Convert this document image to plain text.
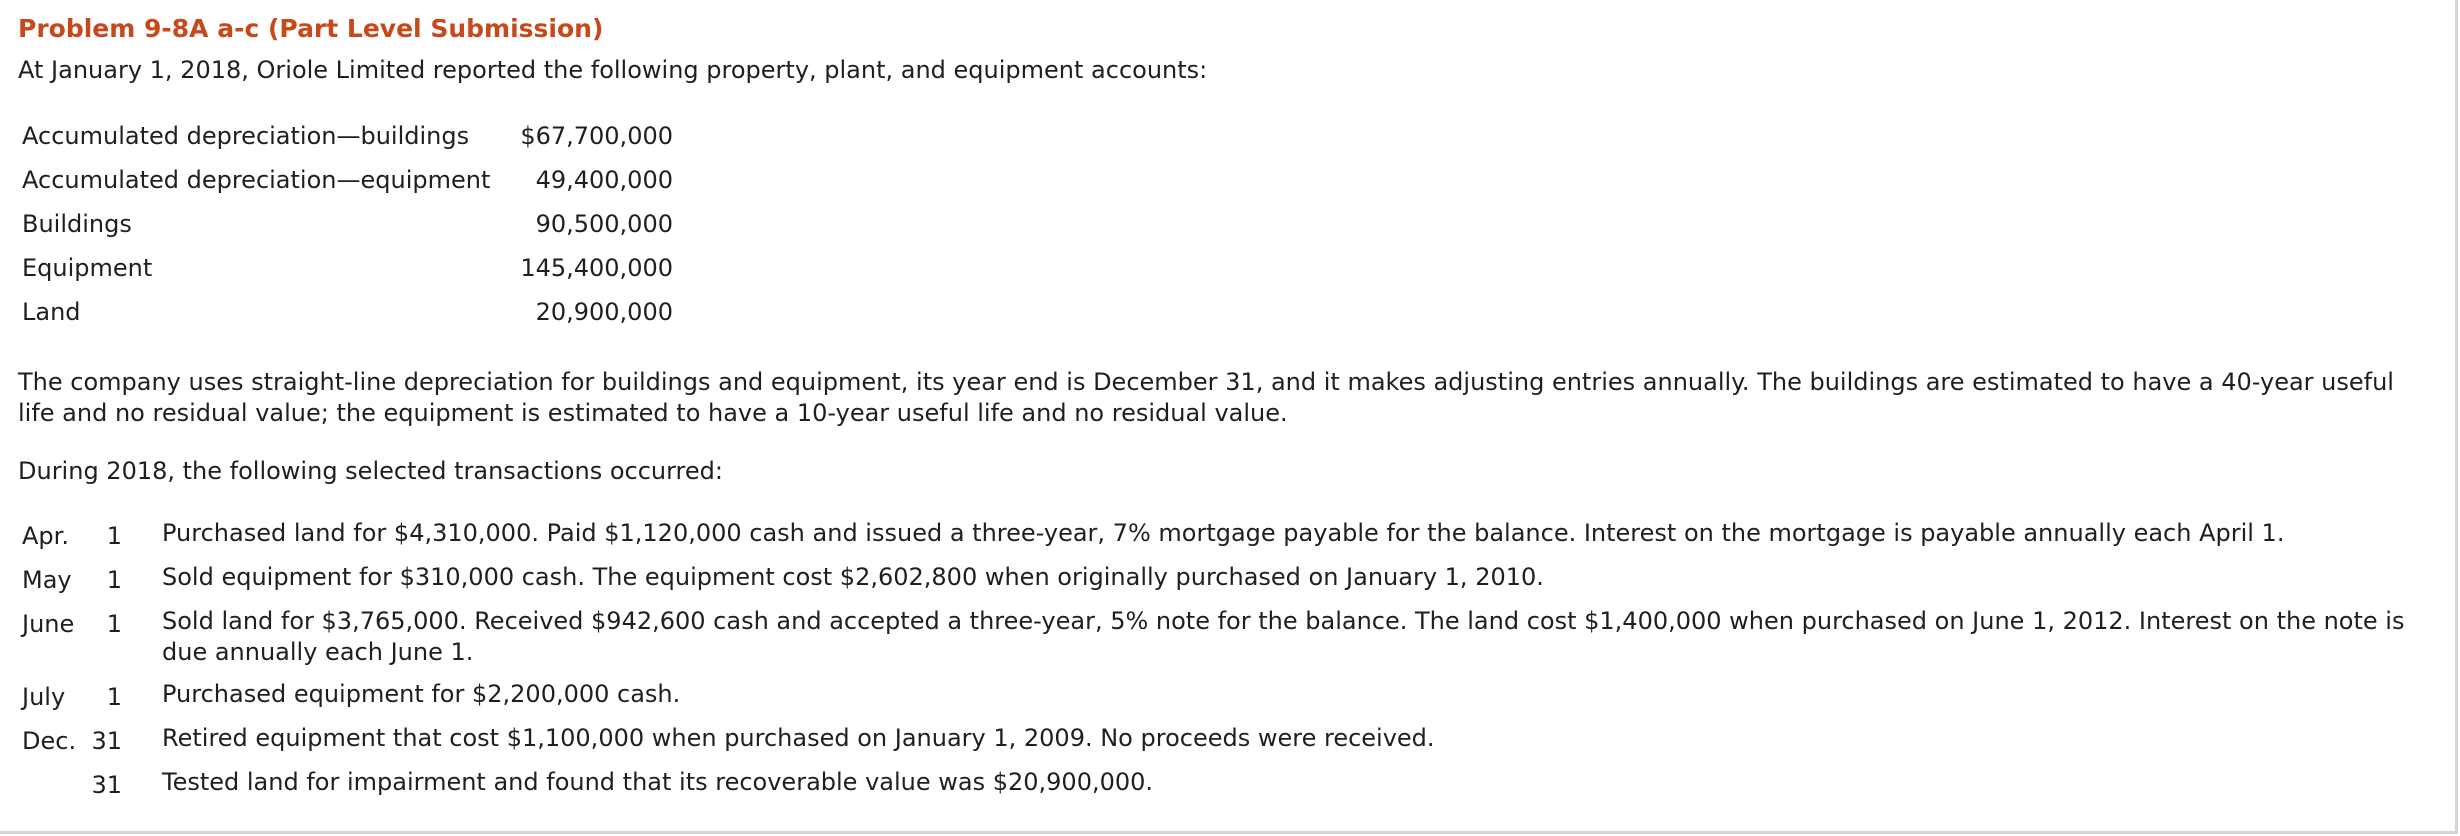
Problem 9-8A a-c (Part Level Submission)
At January 1, 2018, Oriole Limited reported the following property, plant, and equipment accounts:
Accumulated depreciation—buildings $67,700,000
Accumulated depreciation—equipment 49,400,000
Buildings	90,500,000
Equipment	145,400,000
Land	20,900,000
The company uses straight-line depreciation for buildings and equipment, its year end is December 31, and it makes adjusting entries annually. The buildings are estimated to have a 40-year useful life and no residual value; the equipment is estimated to have a 10-year useful life and no residual value.
During 2018, the following selected transactions occurred:
Apr. 1 Purchased land for $4,310,000. Paid $1,120,000 cash and issued a three-year, 7% mortgage payable for the balance. Interest on the mortgage is payable annually each April 1.
May 1 Sold equipment for $310,000 cash. The equipment cost $2,602,800 when originally purchased on January 1, 2010.
June 1 Sold land for $3,765,000. Received $942,600 cash and accepted a three-year, 5% note for the balance. The land cost $1,400,000 when purchased on June 1, 2012. Interest on the note is due annually each June 1.
July 1 Purchased equipment for $2,200,000 cash.
Dec. 31 Retired equipment that cost $1,100,000 when purchased on January 1, 2009. No proceeds were received.
31 Tested land for impairment and found that its recoverable value was $20,900,000.
